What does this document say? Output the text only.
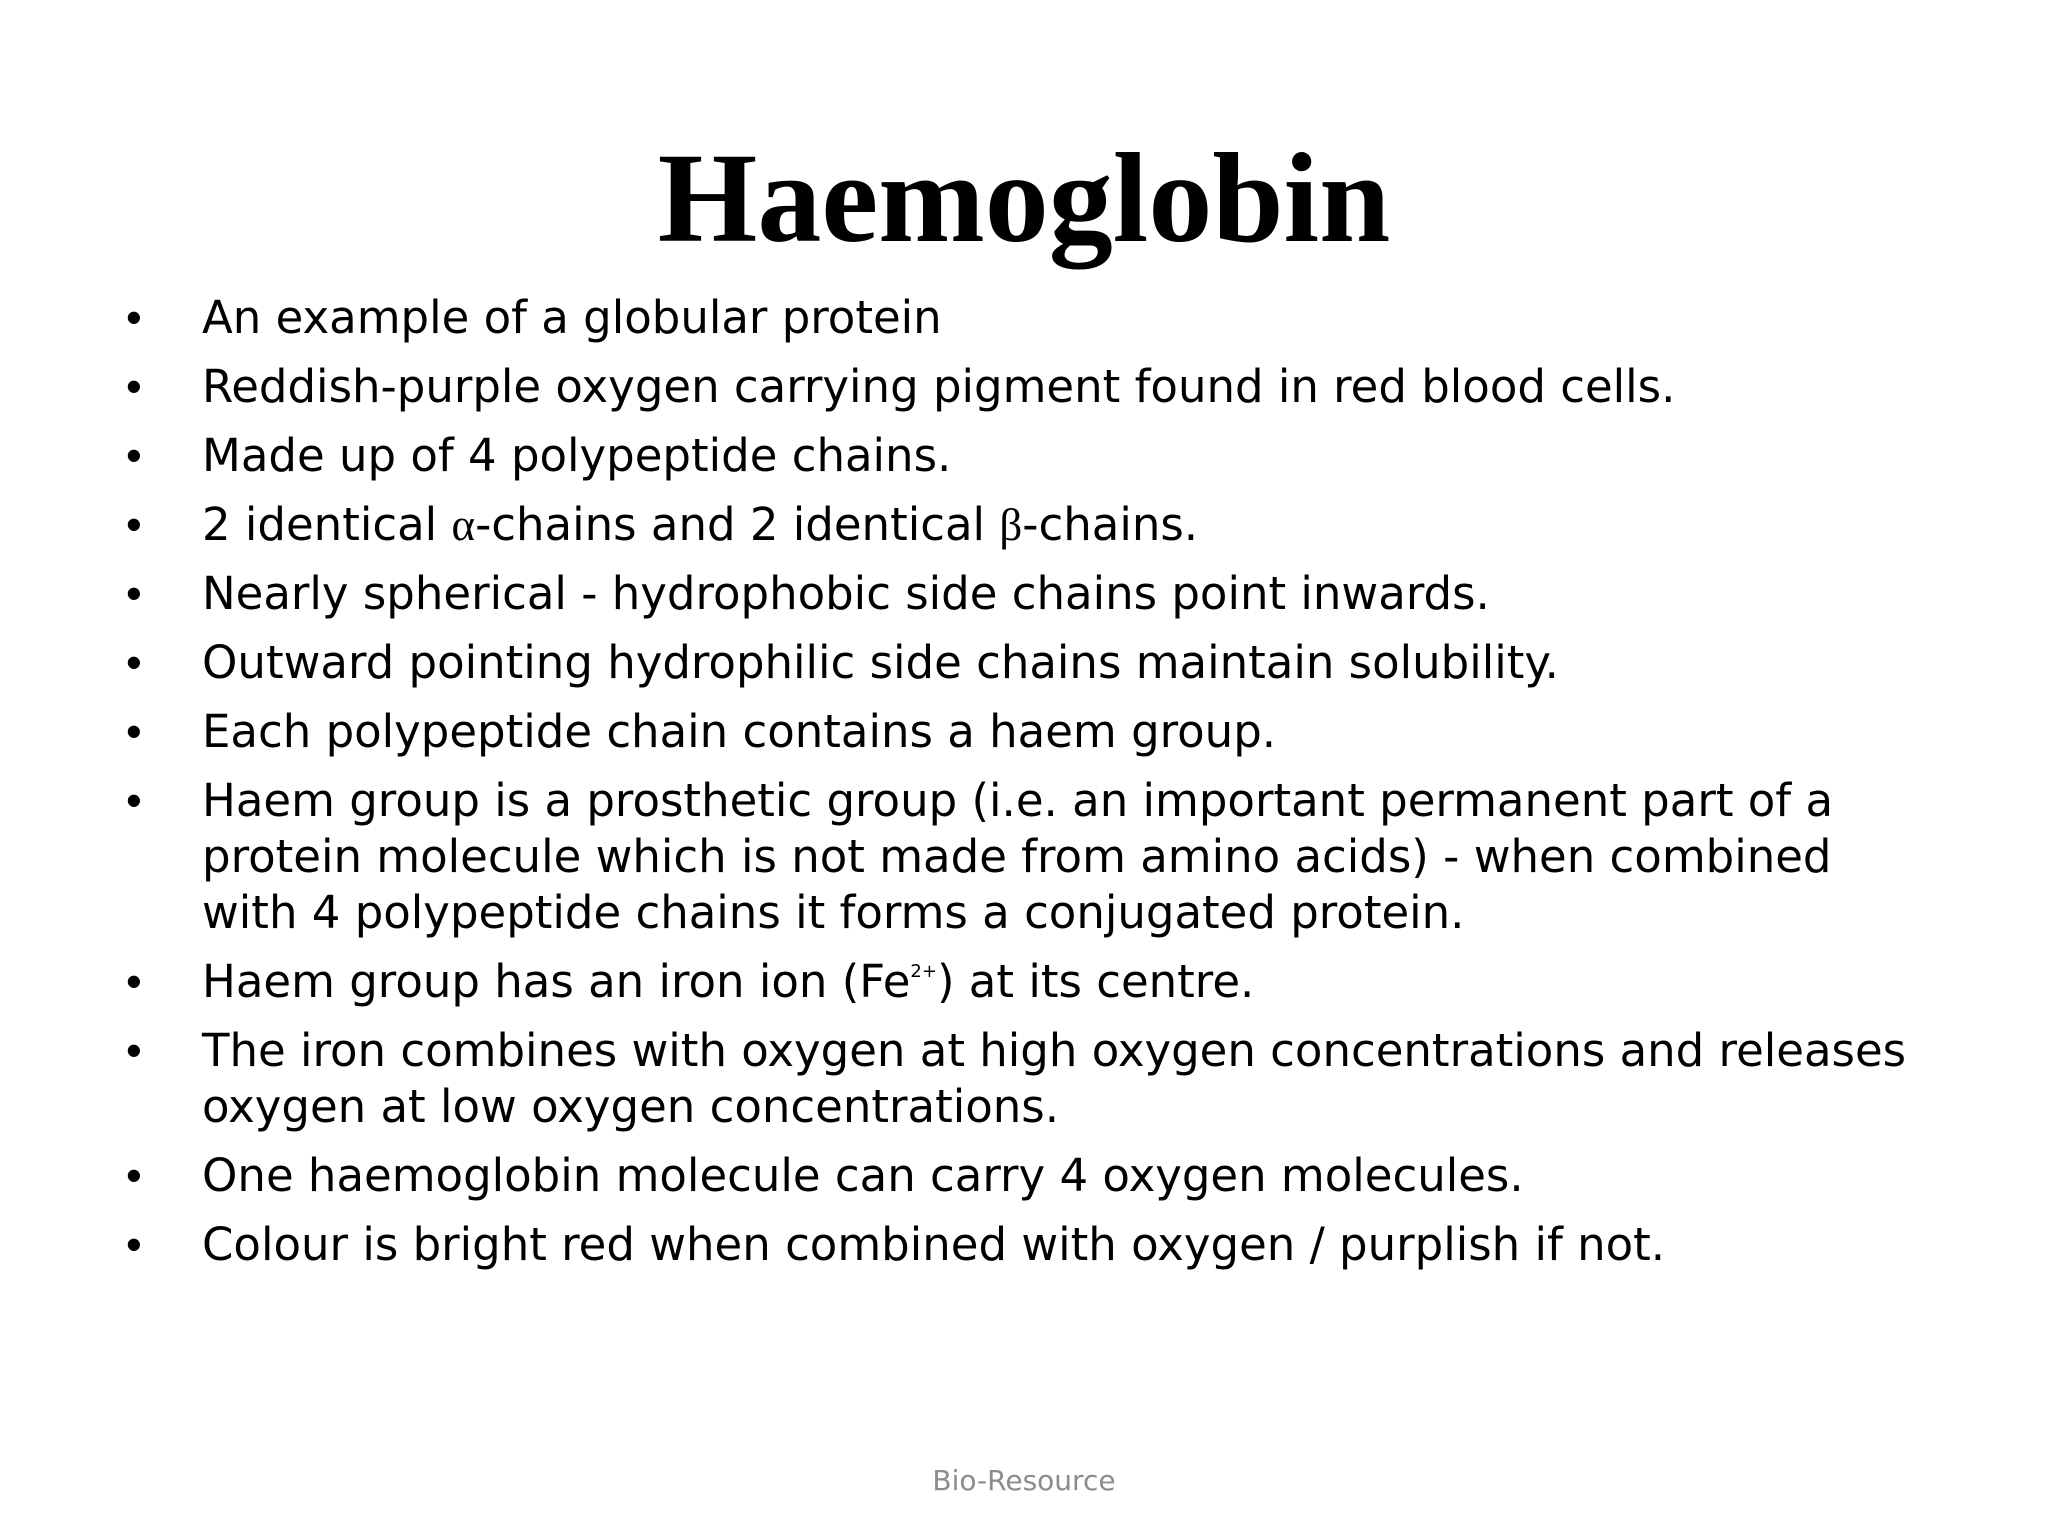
Haemoglobin
•	An example of a globular protein
•	Reddish-purple oxygen carrying pigment found in red blood cells.
•	Made up of 4 polypeptide chains.
•	2 identical α-chains and 2 identical β-chains.
•	Nearly spherical - hydrophobic side chains point inwards.
•	Outward pointing hydrophilic side chains maintain solubility.
•	Each polypeptide chain contains a haem group.
•	Haem group is a prosthetic group (i.e. an important permanent part of a protein molecule which is not made from amino acids) - when combined with 4 polypeptide chains it forms a conjugated protein.
•	Haem group has an iron ion $(Fe^{2+})$ at its centre.
•	The iron combines with oxygen at high oxygen concentrations and releases oxygen at low oxygen concentrations.
•	One haemoglobin molecule can carry 4 oxygen molecules.
•	Colour is bright red when combined with oxygen / purplish if not.
Bio-Resource
